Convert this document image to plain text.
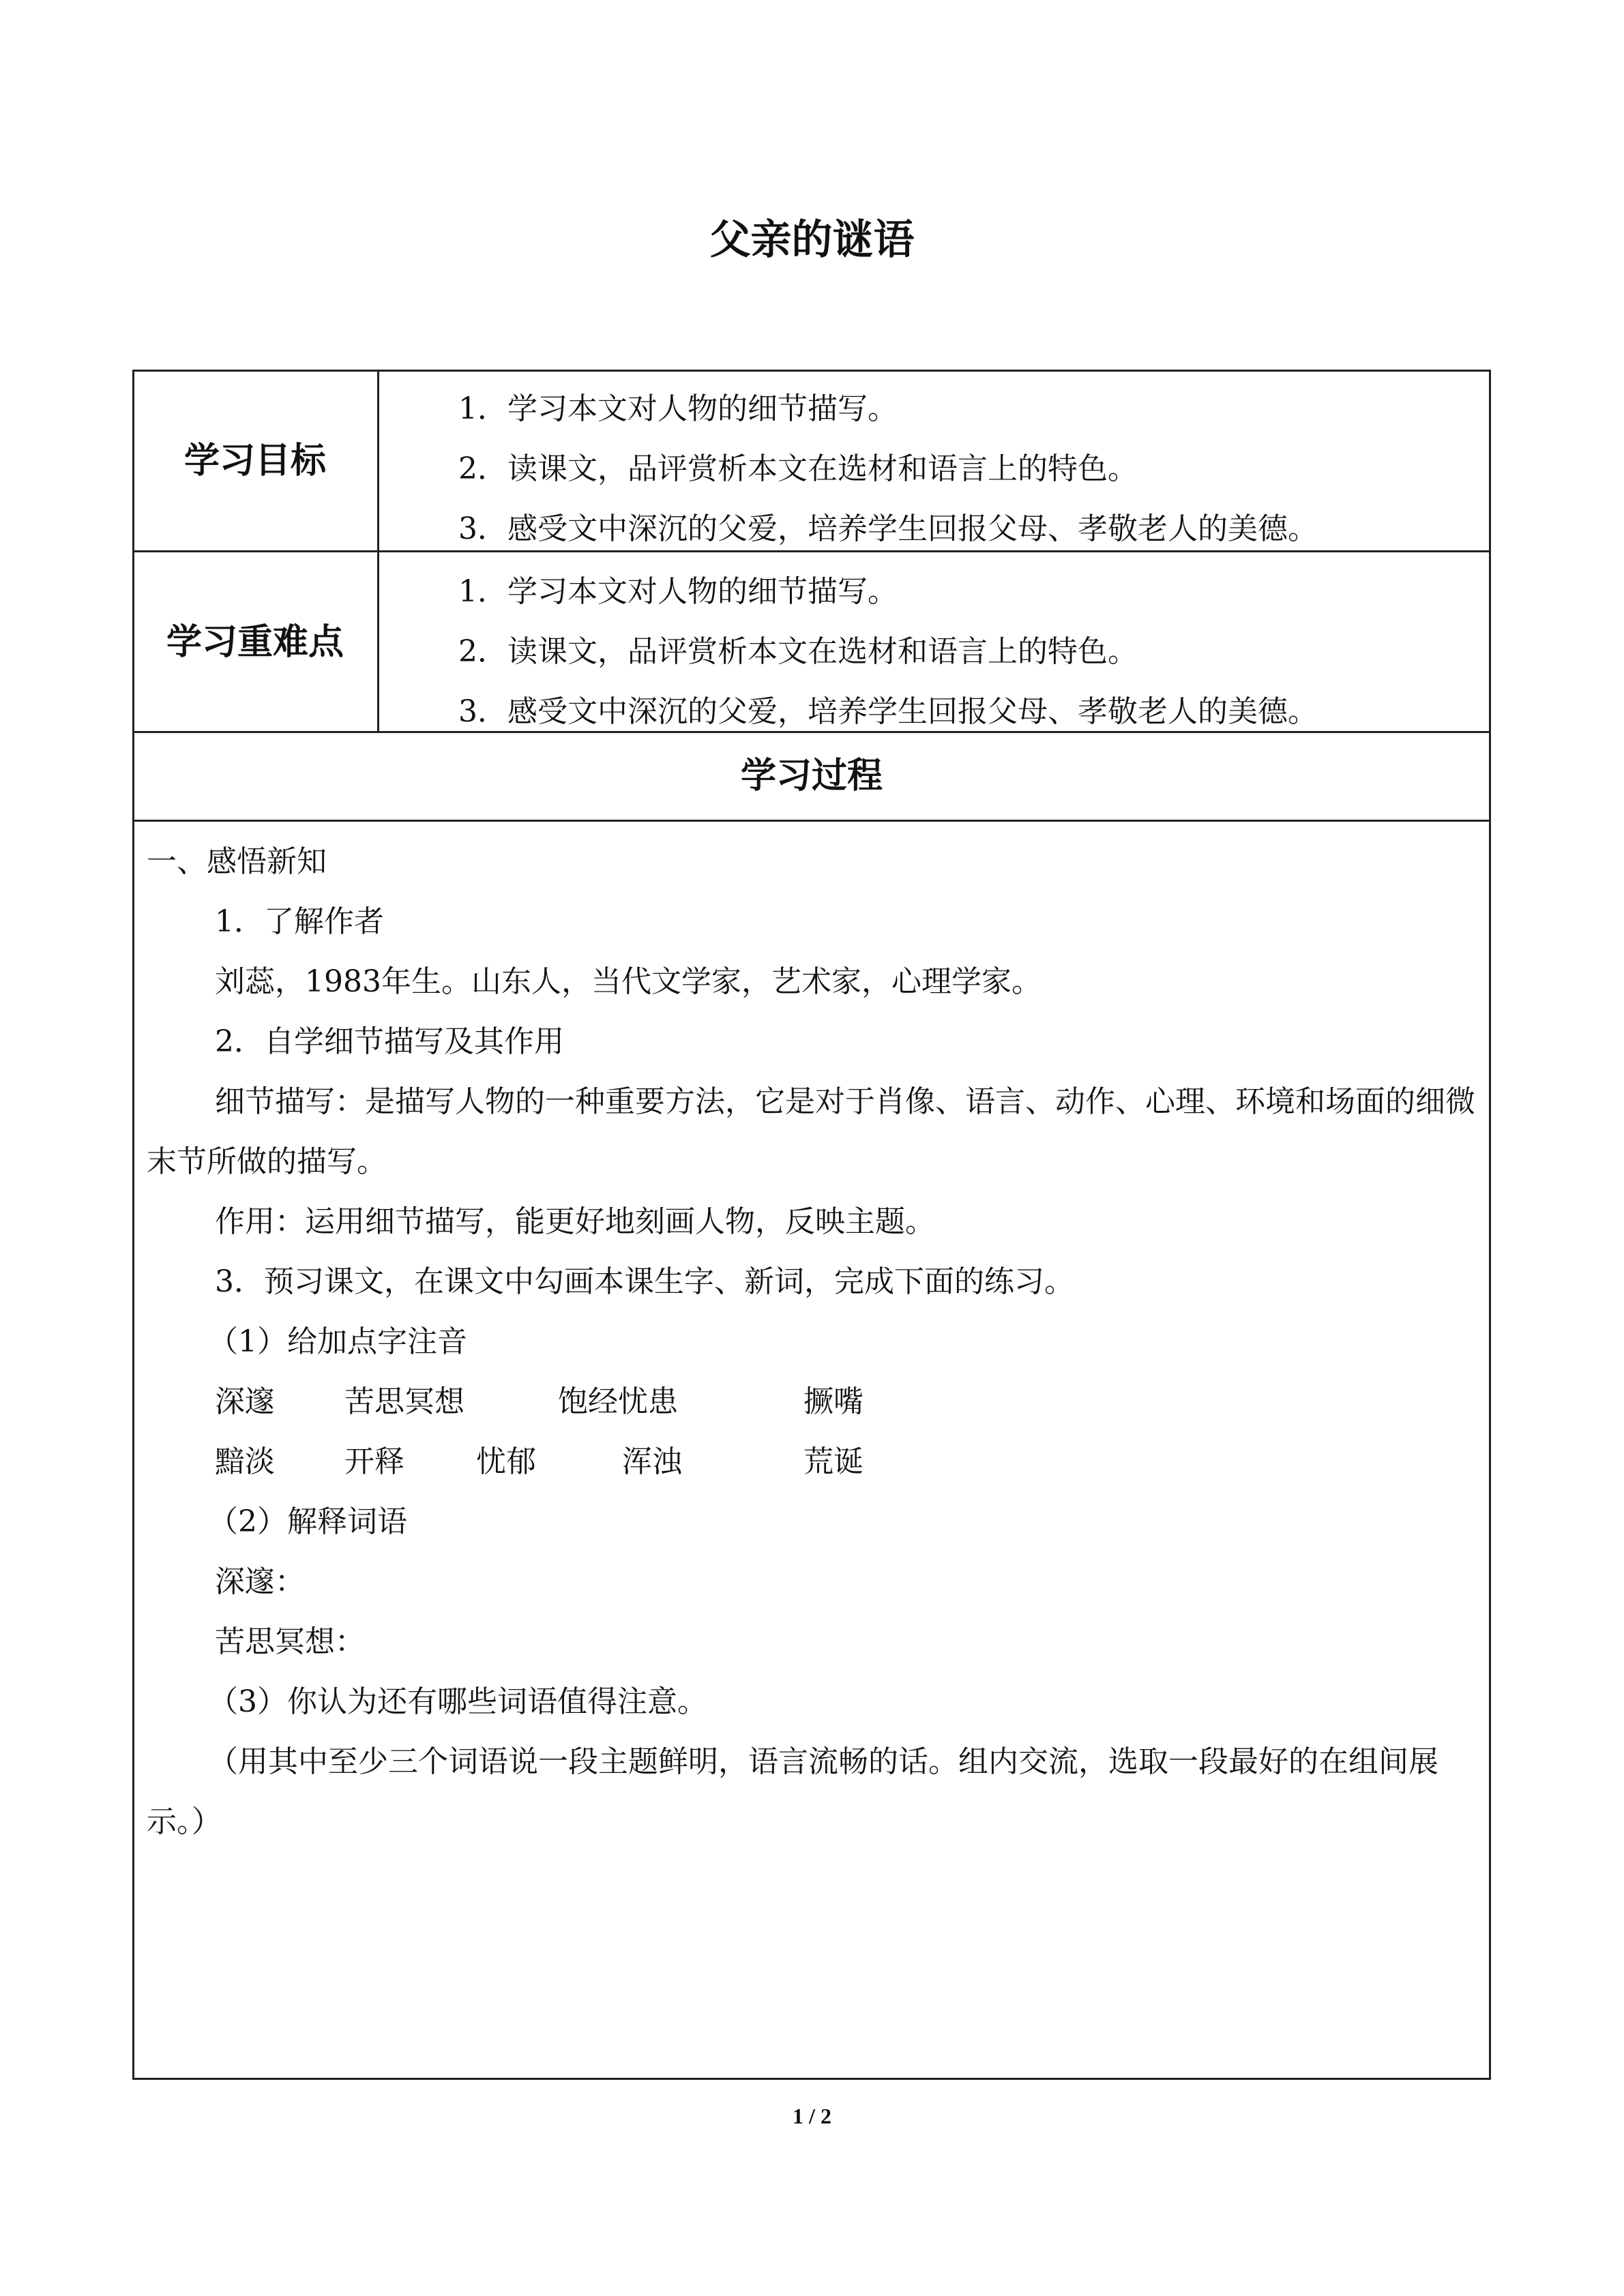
父亲的谜语
学习目标
1．学习本文对人物的细节描写。
2．读课文，品评赏析本文在选材和语言上的特色。
3．感受文中深沉的父爱，培养学生回报父母、孝敬老人的美德。
学习重难点
1．学习本文对人物的细节描写。
2．读课文，品评赏析本文在选材和语言上的特色。
3．感受文中深沉的父爱，培养学生回报父母、孝敬老人的美德。
学习过程

一、感悟新知

1．了解作者

刘蕊，1983年生。山东人，当代文学家，艺术家，心理学家。

2．自学细节描写及其作用

细节描写：是描写人物的一种重要方法，它是对于肖像、语言、动作、心理、环境和场面的细微末节所做的描写。

作用：运用细节描写，能更好地刻画人物，反映主题。

3．预习课文，在课文中勾画本课生字、新词，完成下面的练习。

（1）给加点字注音

深邃 苦思冥想	饱经忧患	撅嘴
黯淡 开释 忧郁	浑浊	荒诞

（2）解释词语

深邃：

苦思冥想：

（3）你认为还有哪些词语值得注意。

（用其中至少三个词语说一段主题鲜明，语言流畅的话。组内交流，选取一段最好的在组间展示。）

1 / 2
